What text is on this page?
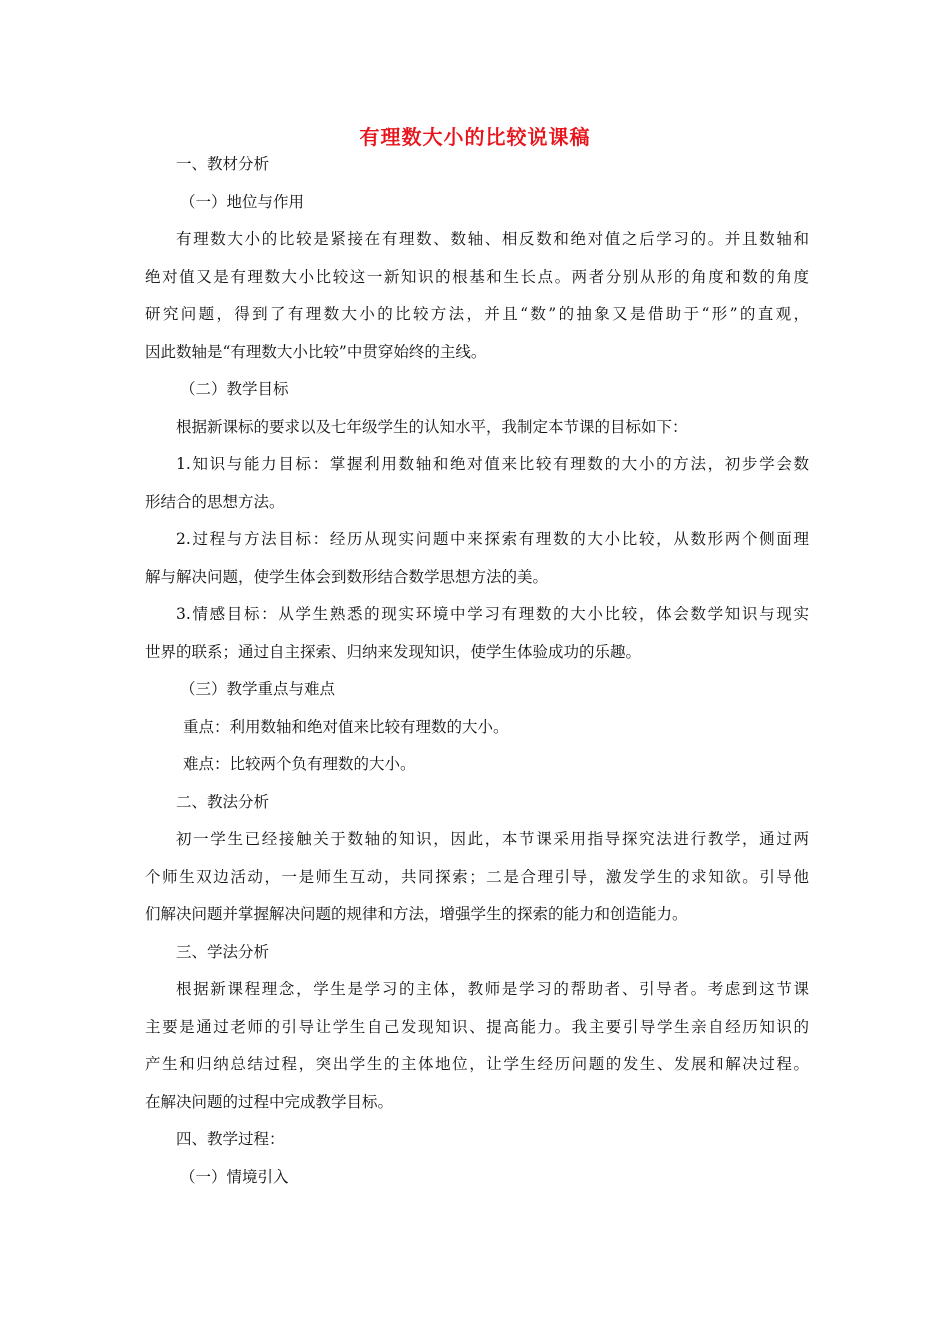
有理数大小的比较说课稿
一、教材分析
（一）地位与作用
有理数大小的比较是紧接在有理数、数轴、相反数和绝对值之后学习的。并且数轴和
绝对值又是有理数大小比较这一新知识的根基和生长点。两者分别从形的角度和数的角度
研究问题，得到了有理数大小的比较方法，并且“数”的抽象又是借助于“形”的直观，
因此数轴是“有理数大小比较”中贯穿始终的主线。
（二）教学目标
根据新课标的要求以及七年级学生的认知水平，我制定本节课的目标如下：
1.知识与能力目标：掌握利用数轴和绝对值来比较有理数的大小的方法，初步学会数
形结合的思想方法。
2.过程与方法目标：经历从现实问题中来探索有理数的大小比较，从数形两个侧面理
解与解决问题，使学生体会到数形结合数学思想方法的美。
3.情感目标：从学生熟悉的现实环境中学习有理数的大小比较，体会数学知识与现实
世界的联系；通过自主探索、归纳来发现知识，使学生体验成功的乐趣。
（三）教学重点与难点
重点：利用数轴和绝对值来比较有理数的大小。
难点：比较两个负有理数的大小。
二、教法分析
初一学生已经接触关于数轴的知识，因此，本节课采用指导探究法进行教学，通过两
个师生双边活动，一是师生互动，共同探索；二是合理引导，激发学生的求知欲。引导他
们解决问题并掌握解决问题的规律和方法，增强学生的探索的能力和创造能力。
三、学法分析
根据新课程理念，学生是学习的主体，教师是学习的帮助者、引导者。考虑到这节课
主要是通过老师的引导让学生自己发现知识、提高能力。我主要引导学生亲自经历知识的
产生和归纳总结过程，突出学生的主体地位，让学生经历问题的发生、发展和解决过程。
在解决问题的过程中完成教学目标。
四、教学过程：
（一）情境引入
